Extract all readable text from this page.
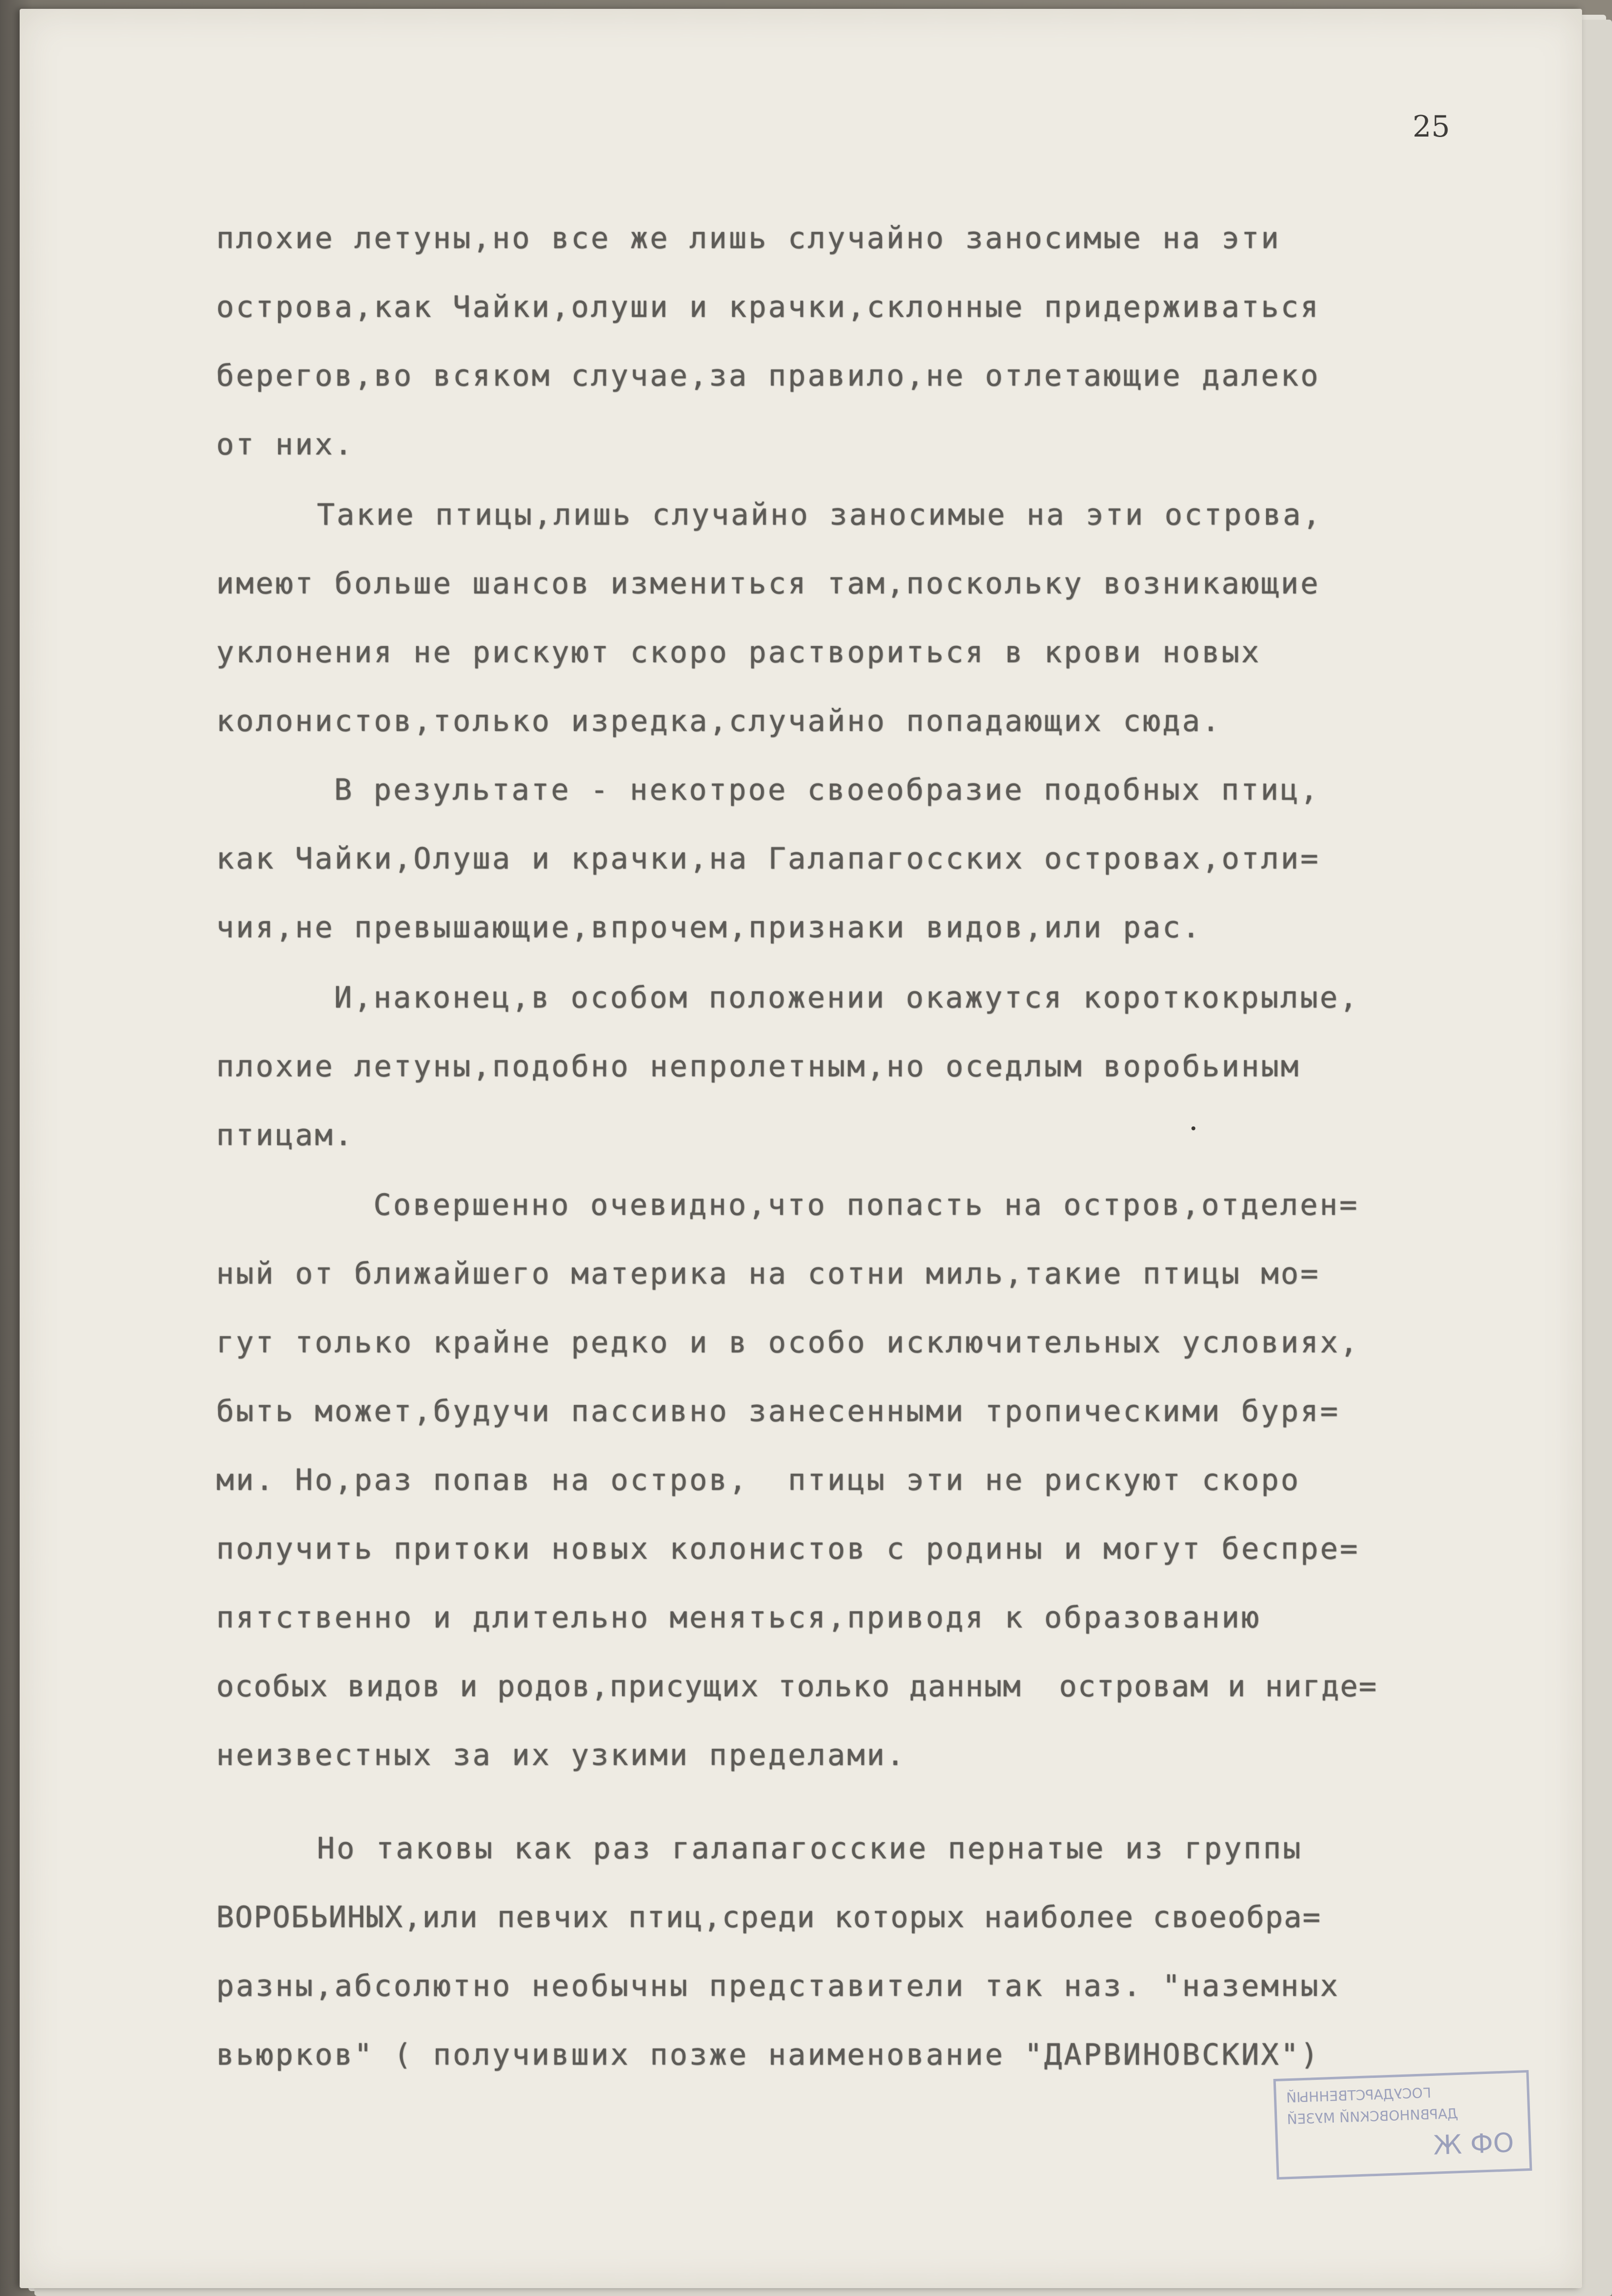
25
плохие летуны,но все же лишь случайно заносимые на эти
острова,как Чайки,олуши и крачки,склонные придерживаться
берегов,во всяком случае,за правило,не отлетающие далеко
от них.
Такие птицы,лишь случайно заносимые на эти острова,
имеют больше шансов измениться там,поскольку возникающие
уклонения не рискуют скоро раствориться в крови новых
колонистов,только изредка,случайно попадающих сюда.
В результате - некотрое своеобразие подобных птиц,
как Чайки,Олуша и крачки,на Галапагосских островах,отли=
чия,не превышающие,впрочем,признаки видов,или рас.
И,наконец,в особом положении окажутся короткокрылые,
плохие летуны,подобно непролетным,но оседлым воробьиным
птицам.
Совершенно очевидно,что попасть на остров,отделен=
ный от ближайшего материка на сотни миль,такие птицы мо=
гут только крайне редко и в особо исключительных условиях,
быть может,будучи пассивно занесенными тропическими буря=
ми. Но,раз попав на остров,  птицы эти не рискуют скоро
получить притоки новых колонистов с родины и могут беспре=
пятственно и длительно меняться,приводя к образованию
особых видов и родов,присущих только данным  островам и нигде=
неизвестных за их узкими пределами.
Но таковы как раз галапагосские пернатые из группы
ВОРОБЬИНЫХ,или певчих птиц,среди которых наиболее своеобра=
разны,абсолютно необычны представители так наз. "наземных
вьюрков" ( получивших позже наименование "ДАРВИНОВСКИХ")
ГОСУДАРСТВЕННЫЙ
ДАРВИНОВСКИЙ МУЗЕЙ
Ж ФО
